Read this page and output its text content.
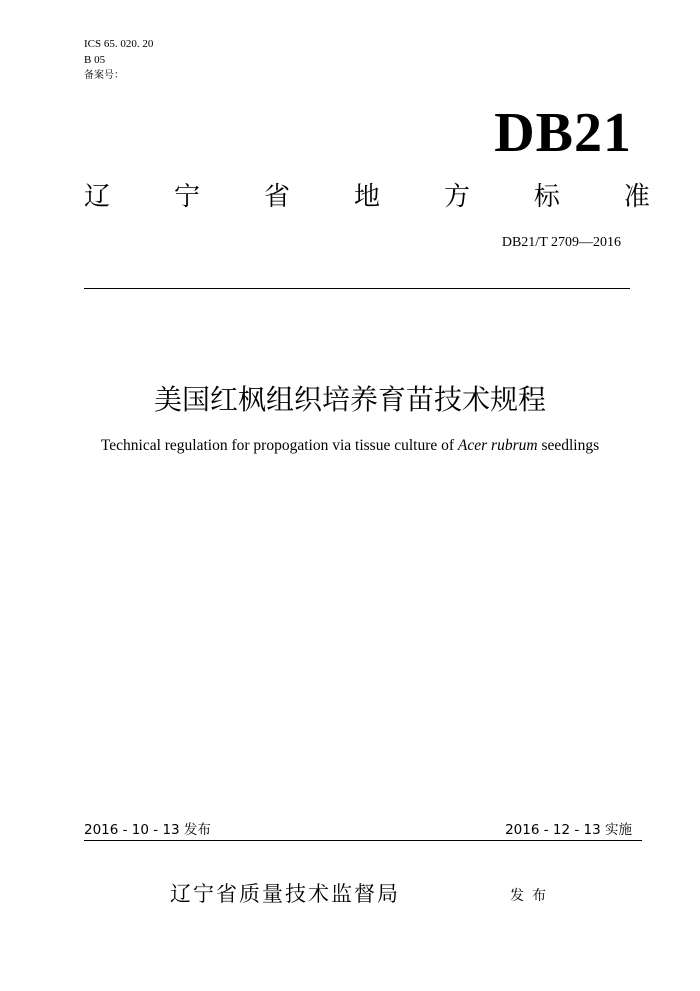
ICS 65. 020. 20
B 05
备案号：
DB21
辽 宁 省 地 方 标 准
DB21/T 2709—2016
美国红枫组织培养育苗技术规程
Technical regulation for propogation via tissue culture of Acer rubrum seedlings
2016 - 10 - 13 发布	2016 - 12 - 13 实施
辽宁省质量技术监督局	发布
